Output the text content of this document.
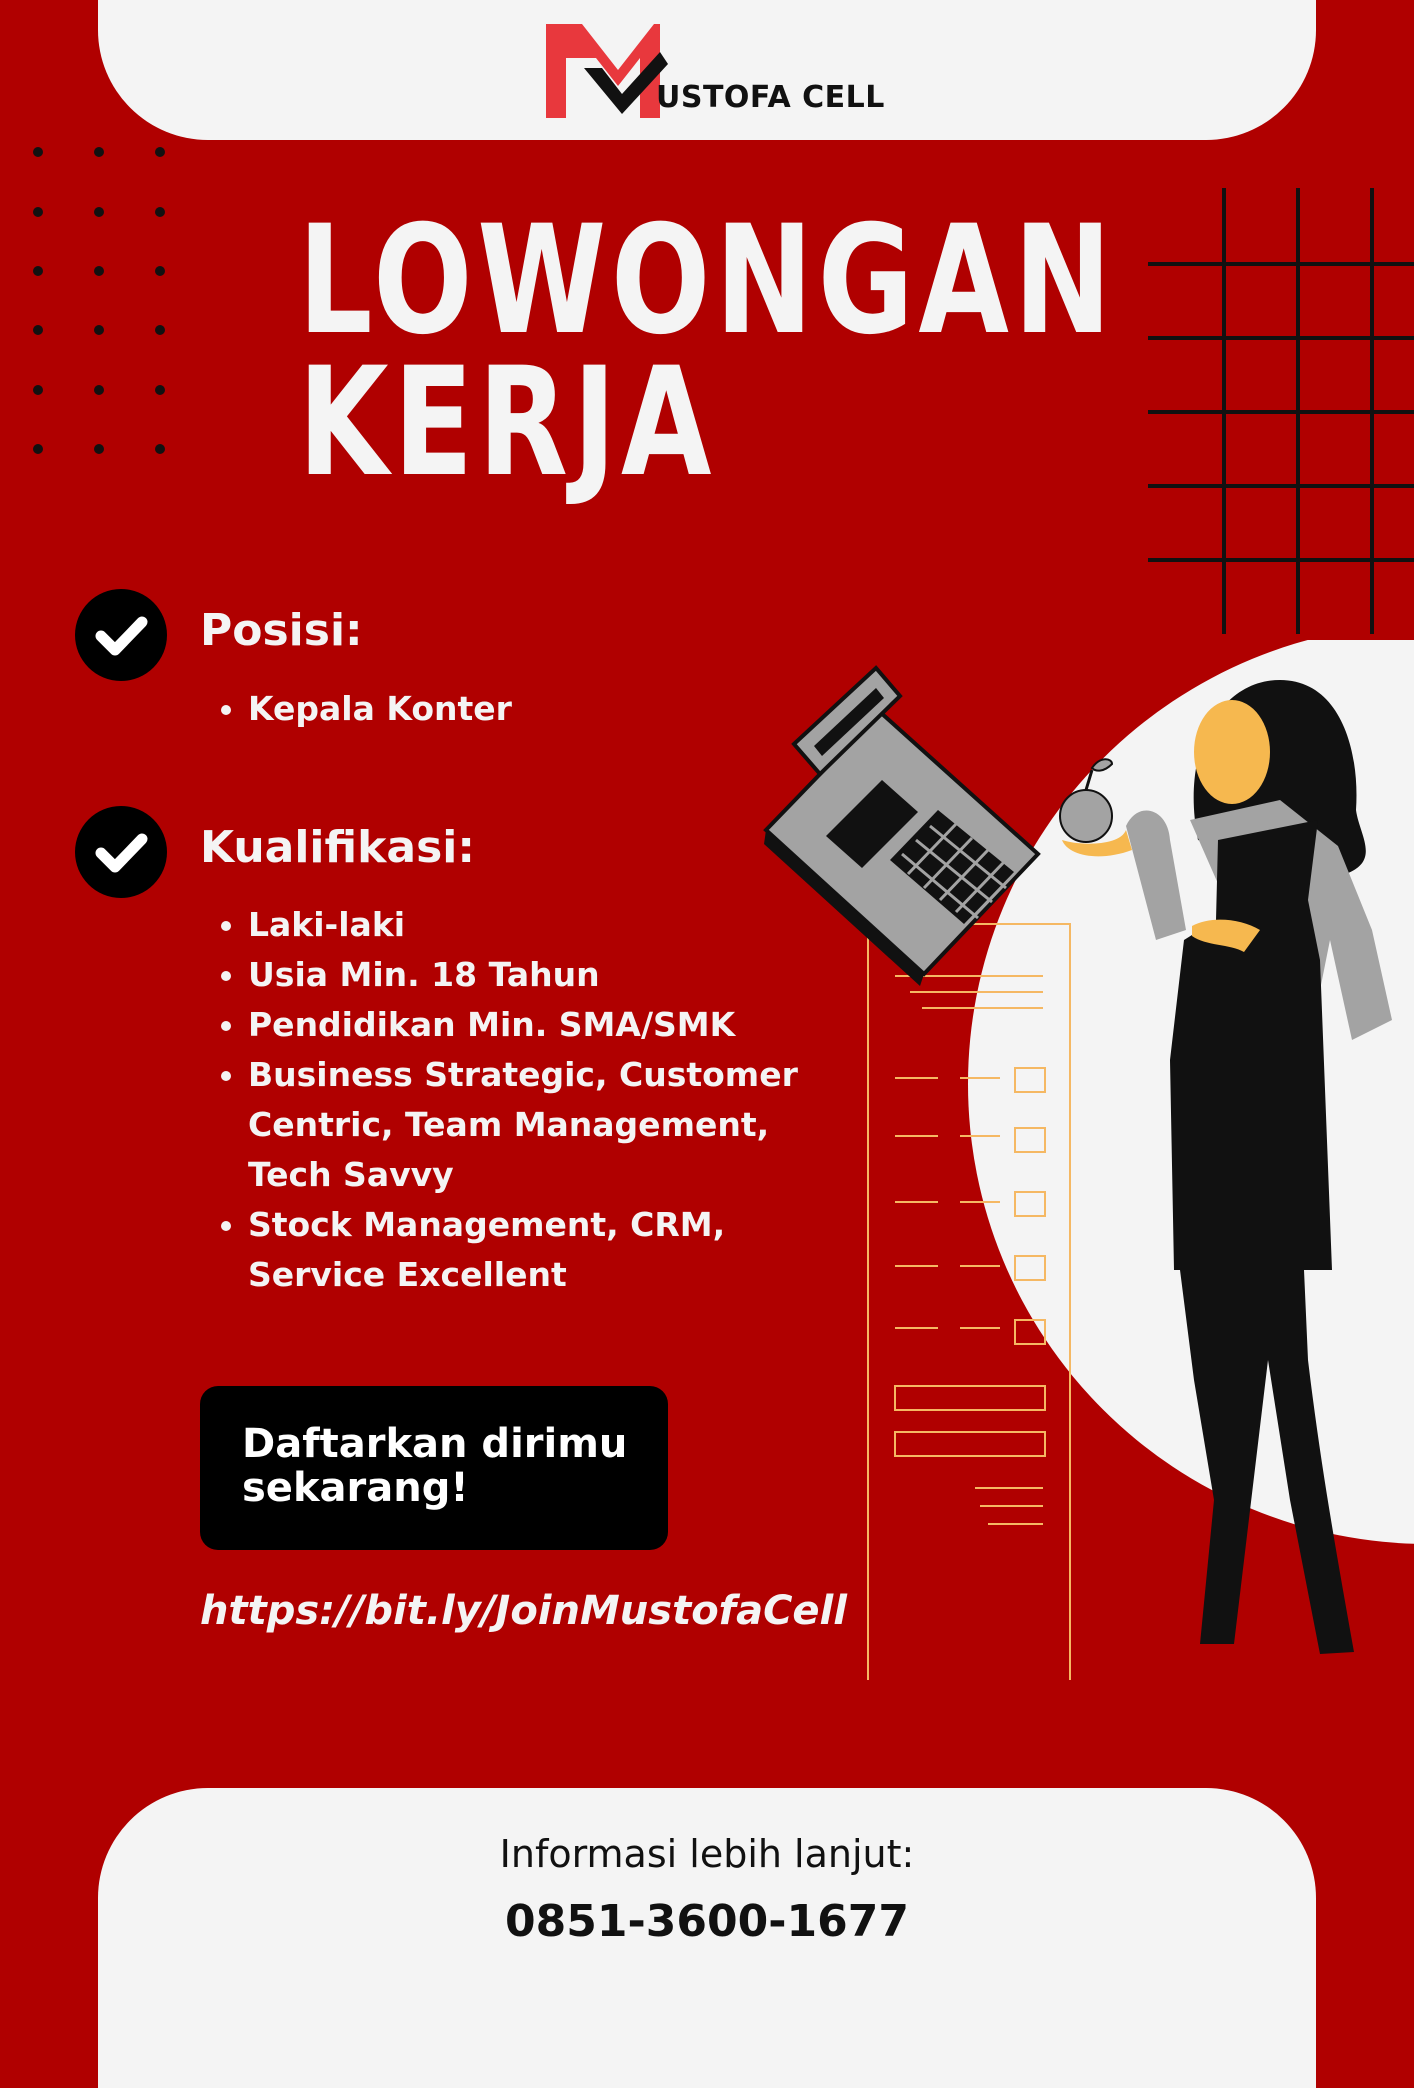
USTOFA CELL
LOWONGAN
KERJA
Posisi:
• Kepala Konter
Kualifikasi:
• Laki-laki
• Usia Min. 18 Tahun
• Pendidikan Min. SMA/SMK
• Business Strategic, Customer Centric, Team Management, Tech Savvy
• Stock Management, CRM, Service Excellent
Daftarkan dirimu sekarang!
https://bit.ly/JoinMustofaCell
Informasi lebih lanjut:
0851-3600-1677
